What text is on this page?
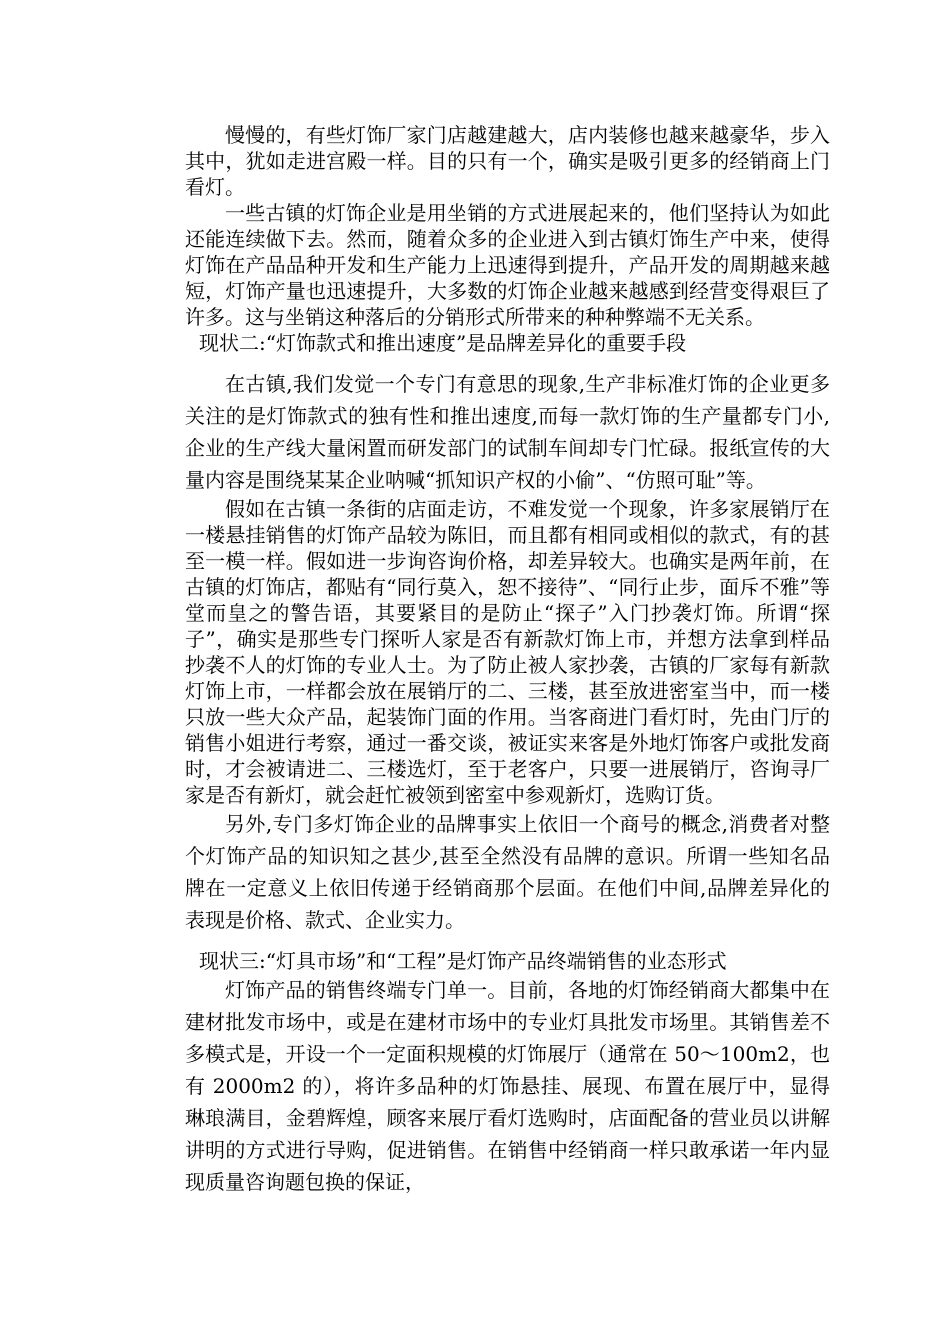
慢慢的，有些灯饰厂家门店越建越大，店内装修也越来越豪华，步入其中，犹如走进宫殿一样。目的只有一个，确实是吸引更多的经销商上门看灯。

一些古镇的灯饰企业是用坐销的方式进展起来的，他们坚持认为如此还能连续做下去。然而，随着众多的企业进入到古镇灯饰生产中来，使得灯饰在产品品种开发和生产能力上迅速得到提升，产品开发的周期越来越短，灯饰产量也迅速提升，大多数的灯饰企业越来越感到经营变得艰巨了许多。这与坐销这种落后的分销形式所带来的种种弊端不无关系。

现状二:“灯饰款式和推出速度”是品牌差异化的重要手段

在古镇,我们发觉一个专门有意思的现象,生产非标准灯饰的企业更多关注的是灯饰款式的独有性和推出速度,而每一款灯饰的生产量都专门小,企业的生产线大量闲置而研发部门的试制车间却专门忙碌。报纸宣传的大量内容是围绕某某企业呐喊“抓知识产权的小偷”、“仿照可耻”等。

假如在古镇一条街的店面走访，不难发觉一个现象，许多家展销厅在一楼悬挂销售的灯饰产品较为陈旧，而且都有相同或相似的款式，有的甚至一模一样。假如进一步询咨询价格，却差异较大。也确实是两年前，在古镇的灯饰店，都贴有“同行莫入，恕不接待”、“同行止步，面斥不雅”等堂而皇之的警告语，其要紧目的是防止“探子”入门抄袭灯饰。所谓“探子”，确实是那些专门探听人家是否有新款灯饰上市，并想方法拿到样品抄袭不人的灯饰的专业人士。为了防止被人家抄袭，古镇的厂家每有新款灯饰上市，一样都会放在展销厅的二、三楼，甚至放进密室当中，而一楼只放一些大众产品，起装饰门面的作用。当客商进门看灯时，先由门厅的销售小姐进行考察，通过一番交谈，被证实来客是外地灯饰客户或批发商时，才会被请进二、三楼选灯，至于老客户，只要一进展销厅，咨询寻厂家是否有新灯，就会赶忙被领到密室中参观新灯，选购订货。

另外,专门多灯饰企业的品牌事实上依旧一个商号的概念,消费者对整个灯饰产品的知识知之甚少,甚至全然没有品牌的意识。所谓一些知名品牌在一定意义上依旧传递于经销商那个层面。在他们中间,品牌差异化的表现是价格、款式、企业实力。

现状三:“灯具市场”和“工程”是灯饰产品终端销售的业态形式

灯饰产品的销售终端专门单一。目前，各地的灯饰经销商大都集中在建材批发市场中，或是在建材市场中的专业灯具批发市场里。其销售差不多模式是，开设一个一定面积规模的灯饰展厅（通常在 50～100m2，也有 2000m2 的），将许多品种的灯饰悬挂、展现、布置在展厅中，显得琳琅满目，金碧辉煌，顾客来展厅看灯选购时，店面配备的营业员以讲解讲明的方式进行导购，促进销售。在销售中经销商一样只敢承诺一年内显现质量咨询题包换的保证，
